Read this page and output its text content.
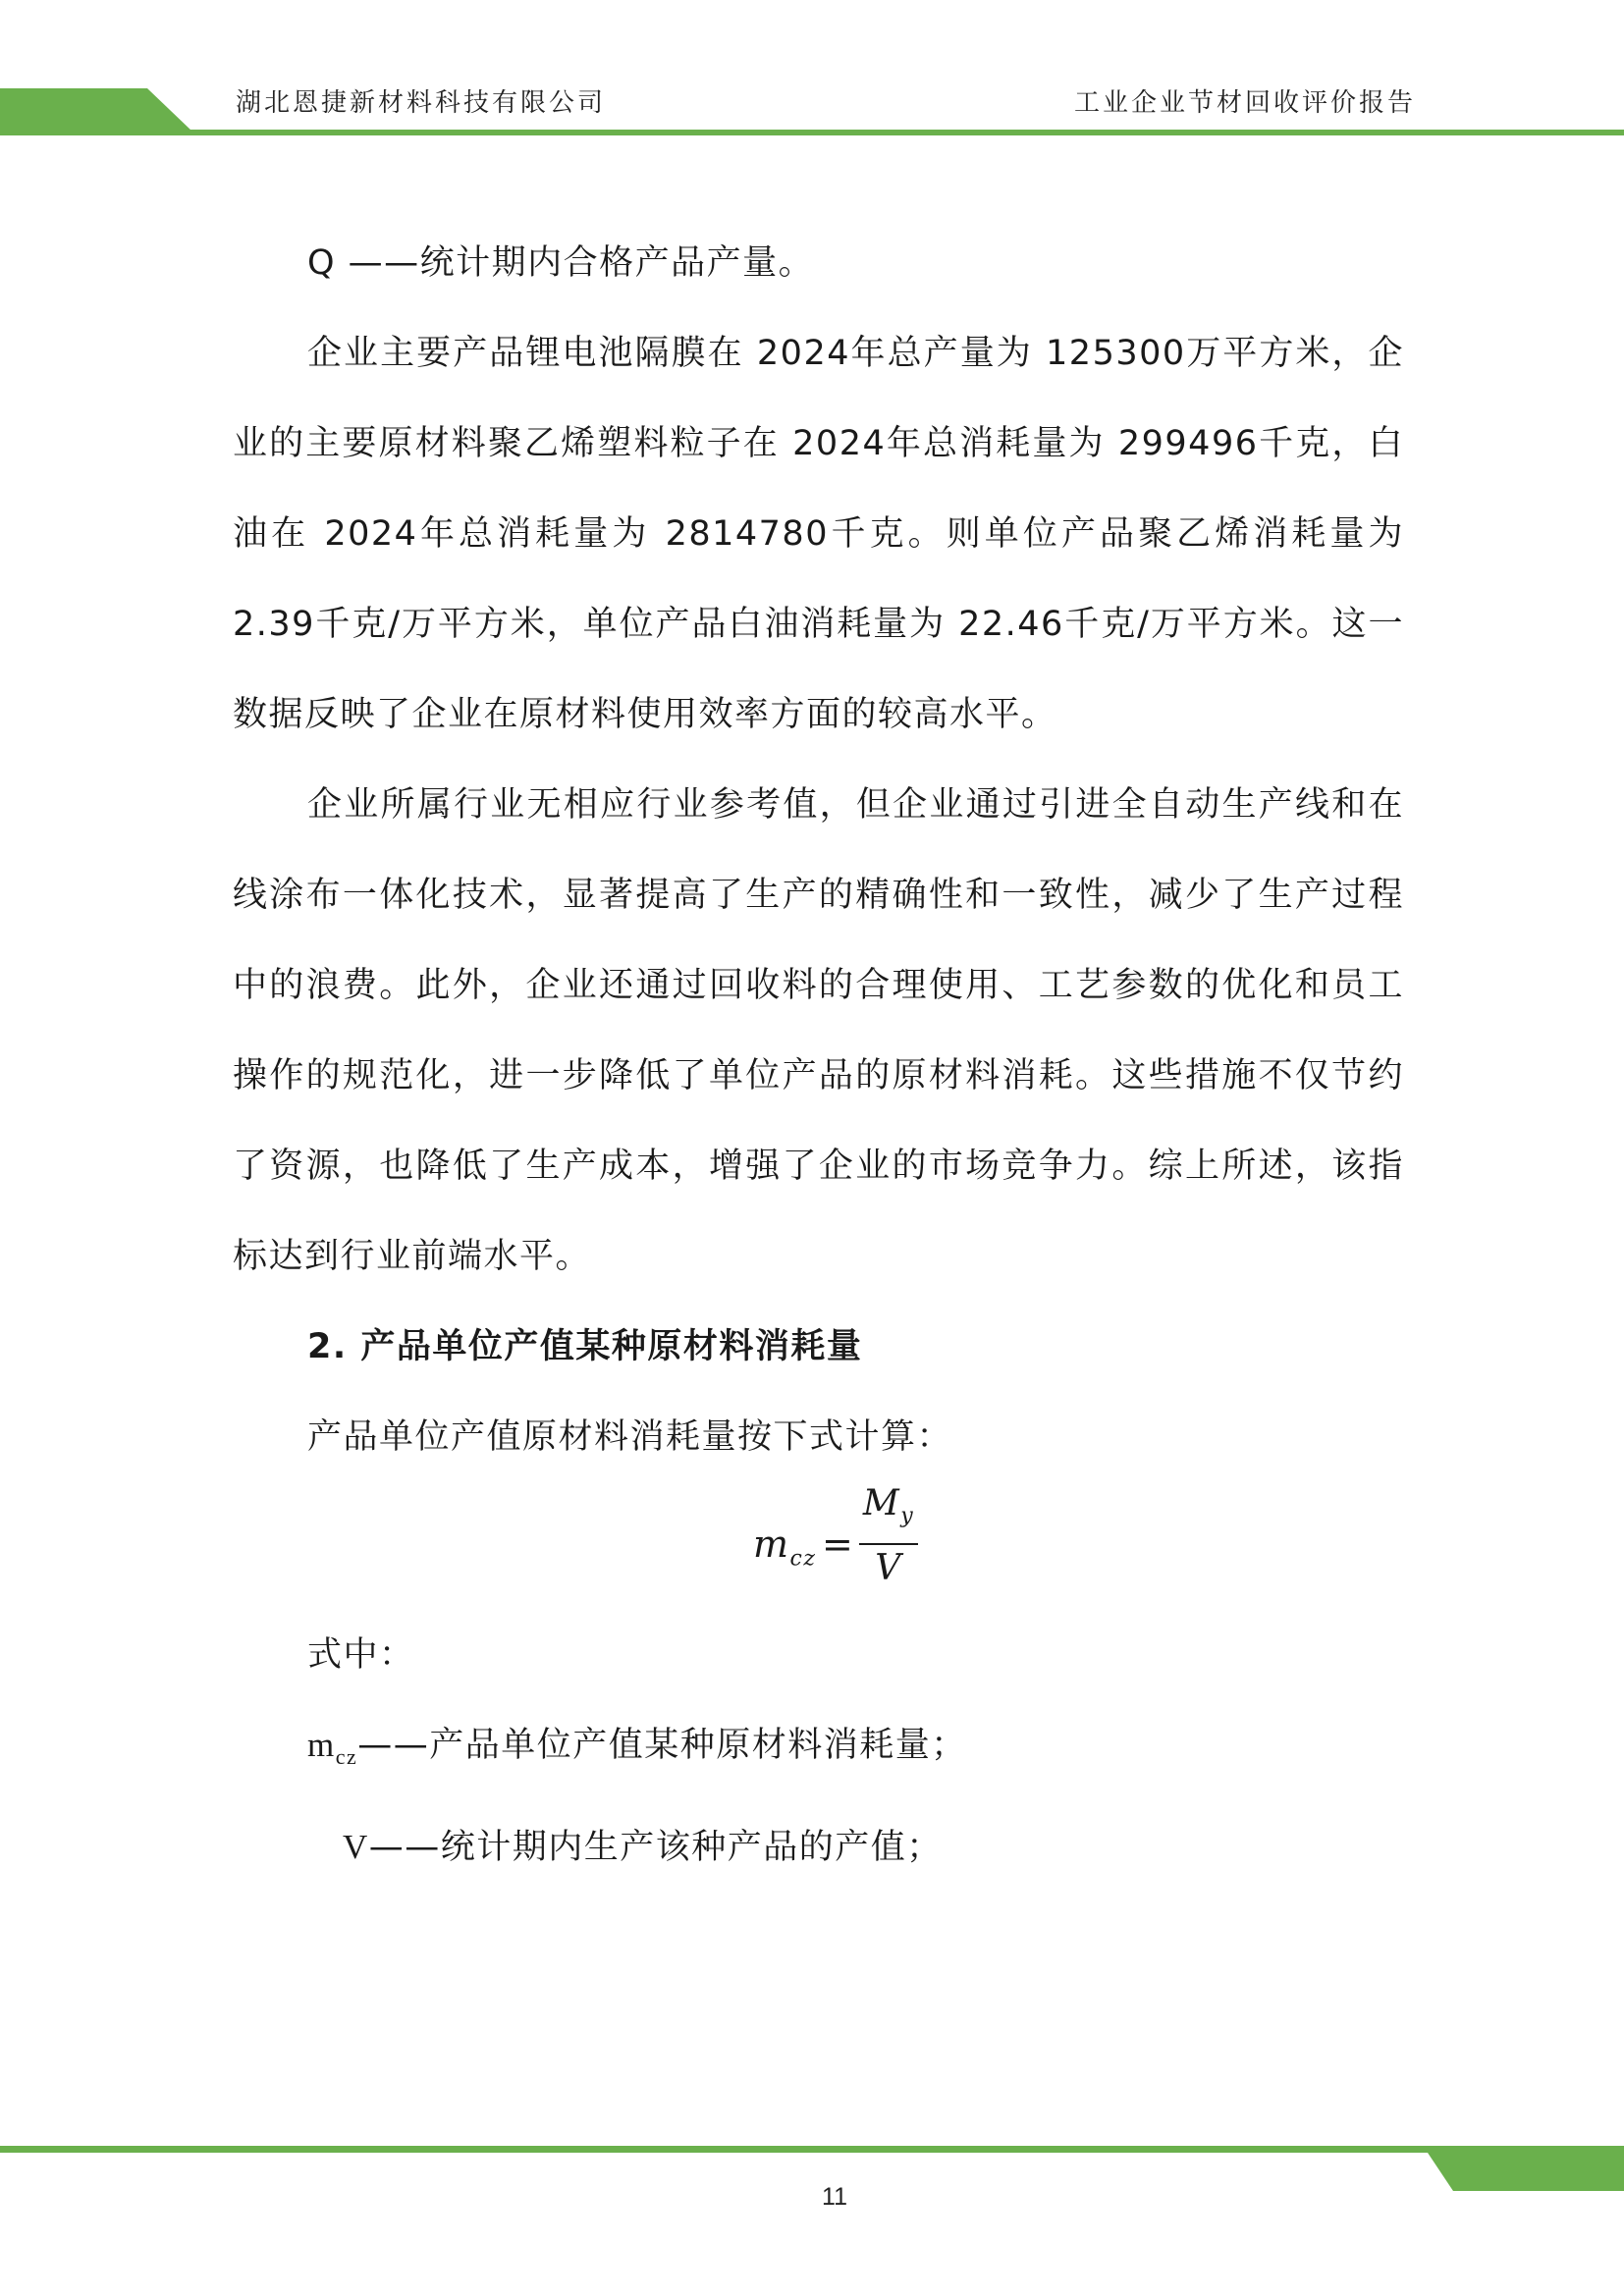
湖北恩捷新材料科技有限公司	工业企业节材回收评价报告

Q ——统计期内合格产品产量。

企业主要产品锂电池隔膜在 2024年总产量为 125300万平方米，企业的主要原材料聚乙烯塑料粒子在 2024年总消耗量为 299496千克，白油在 2024年总消耗量为 2814780千克。则单位产品聚乙烯消耗量为 2.39千克/万平方米，单位产品白油消耗量为 22.46千克/万平方米。这一数据反映了企业在原材料使用效率方面的较高水平。

企业所属行业无相应行业参考值，但企业通过引进全自动生产线和在线涂布一体化技术，显著提高了生产的精确性和一致性，减少了生产过程中的浪费。此外，企业还通过回收料的合理使用、工艺参数的优化和员工操作的规范化，进一步降低了单位产品的原材料消耗。这些措施不仅节约了资源，也降低了生产成本，增强了企业的市场竞争力。综上所述，该指标达到行业前端水平。

2. 产品单位产值某种原材料消耗量

产品单位产值原材料消耗量按下式计算：

$m_{cz}$ =
$M_y$
V

式中：

$m_{cz}——$产品单位产值某种原材料消耗量；

V——统计期内生产该种产品的产值；

11
